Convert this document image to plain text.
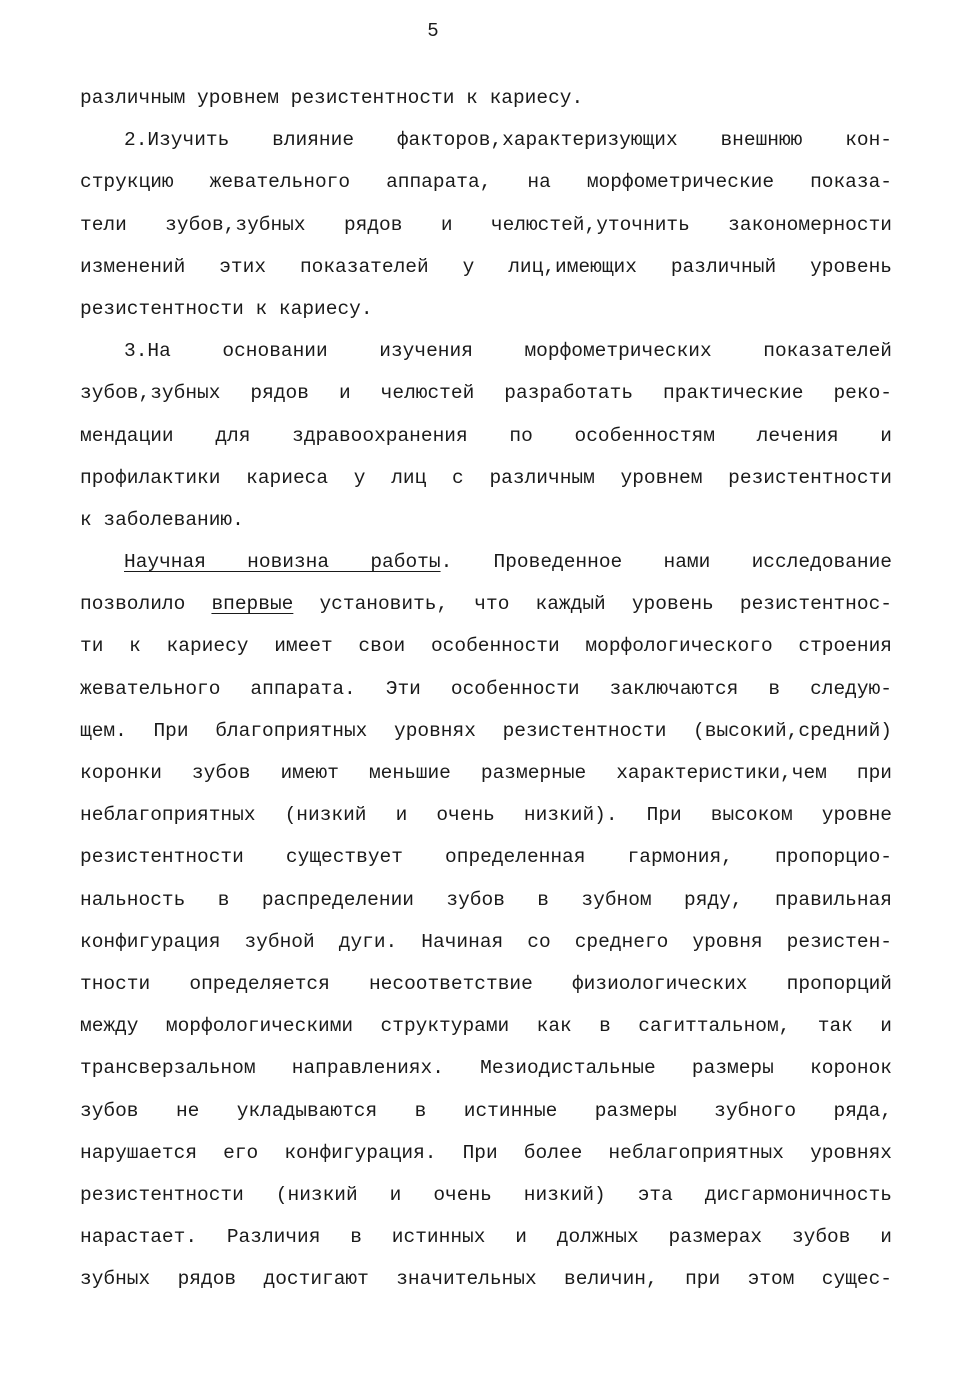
5
различным уровнем резистентности к кариесу.
2.Изучить влияние факторов,характеризующих внешнюю кон-
струкцию жевательного аппарата, на морфометрические показа-
тели зубов,зубных рядов и челюстей,уточнить закономерности
изменений этих показателей у лиц,имеющих различный уровень
резистентности к кариесу.
3.На основании изучения морфометрических показателей
зубов,зубных рядов и челюстей разработать практические реко-
мендации для здравоохранения по особенностям лечения и
профилактики кариеса у лиц с различным уровнем резистентности
к заболеванию.
Научная новизна работы. Проведенное нами исследование
позволило впервые установить, что каждый уровень резистентнос-
ти к кариесу имеет свои особенности морфологического строения
жевательного аппарата. Эти особенности заключаются в следую-
щем. При благоприятных уровнях резистентности (высокий,средний)
коронки зубов имеют меньшие размерные характеристики,чем при
неблагоприятных (низкий и очень низкий). При высоком уровне
резистентности существует определенная гармония, пропорцио-
нальность в распределении зубов в зубном ряду, правильная
конфигурация зубной дуги. Начиная со среднего уровня резистен-
тности определяется несоответствие физиологических пропорций
между морфологическими структурами как в сагиттальном, так и
трансверзальном направлениях. Мезиодистальные размеры коронок
зубов не укладываются в истинные размеры зубного ряда,
нарушается его конфигурация. При более неблагоприятных уровнях
резистентности (низкий и очень низкий) эта дисгармоничность
нарастает. Различия в истинных и должных размерах зубов и
зубных рядов достигают значительных величин, при этом сущес-
